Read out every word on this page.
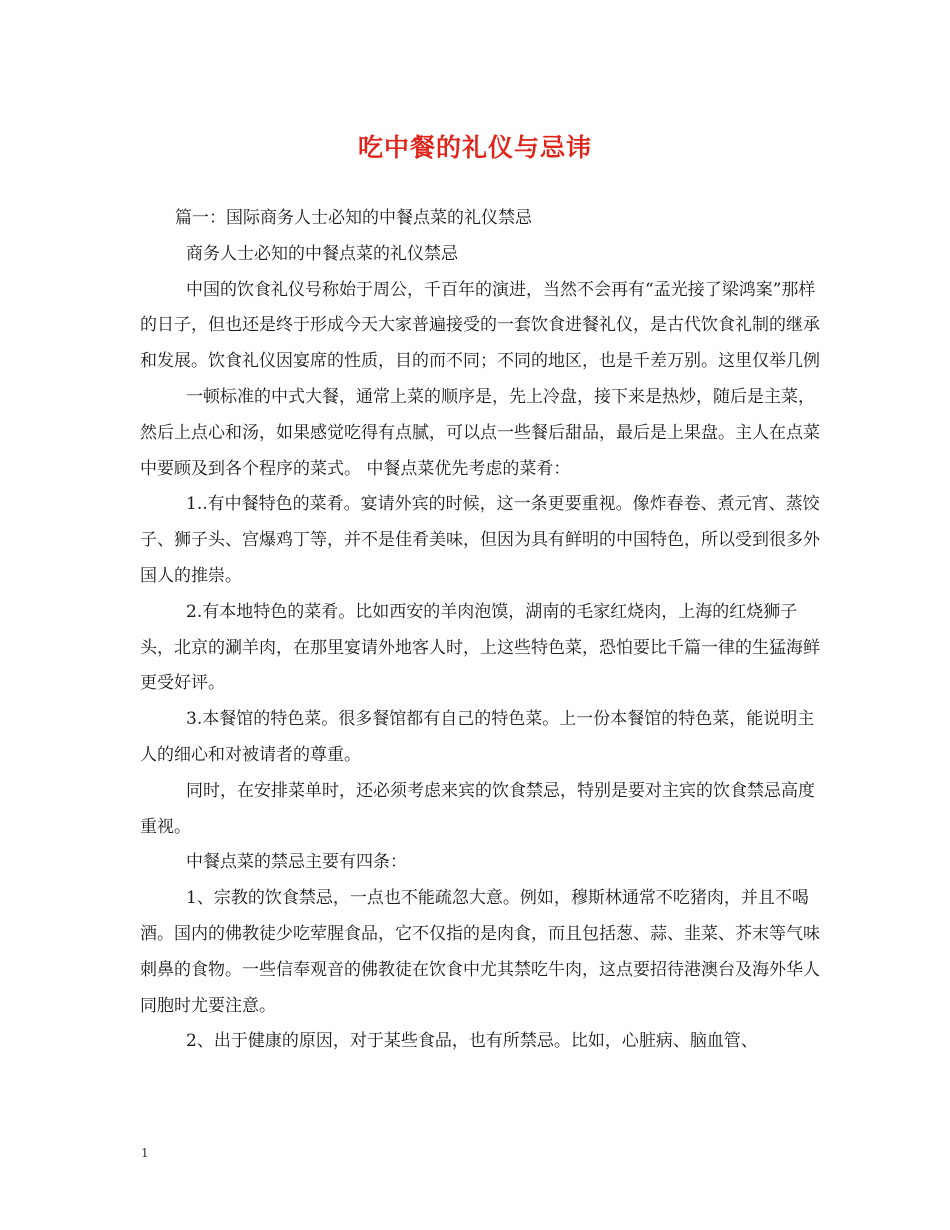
吃中餐的礼仪与忌讳

篇一：国际商务人士必知的中餐点菜的礼仪禁忌

商务人士必知的中餐点菜的礼仪禁忌

中国的饮食礼仪号称始于周公，千百年的演进，当然不会再有“孟光接了梁鸿案”那样的日子，但也还是终于形成今天大家普遍接受的一套饮食进餐礼仪，是古代饮食礼制的继承和发展。饮食礼仪因宴席的性质，目的而不同；不同的地区，也是千差万别。这里仅举几例

一顿标准的中式大餐，通常上菜的顺序是，先上冷盘，接下来是热炒，随后是主菜，然后上点心和汤，如果感觉吃得有点腻，可以点一些餐后甜品，最后是上果盘。主人在点菜中要顾及到各个程序的菜式。 中餐点菜优先考虑的菜肴：

1..有中餐特色的菜肴。宴请外宾的时候，这一条更要重视。像炸春卷、煮元宵、蒸饺子、狮子头、宫爆鸡丁等，并不是佳肴美味，但因为具有鲜明的中国特色，所以受到很多外国人的推崇。

2.有本地特色的菜肴。比如西安的羊肉泡馍，湖南的毛家红烧肉，上海的红烧狮子头，北京的涮羊肉，在那里宴请外地客人时，上这些特色菜，恐怕要比千篇一律的生猛海鲜更受好评。

3.本餐馆的特色菜。很多餐馆都有自己的特色菜。上一份本餐馆的特色菜，能说明主人的细心和对被请者的尊重。

同时，在安排菜单时，还必须考虑来宾的饮食禁忌，特别是要对主宾的饮食禁忌高度重视。

中餐点菜的禁忌主要有四条：

1、宗教的饮食禁忌，一点也不能疏忽大意。例如，穆斯林通常不吃猪肉，并且不喝酒。国内的佛教徒少吃荤腥食品，它不仅指的是肉食，而且包括葱、蒜、韭菜、芥末等气味刺鼻的食物。一些信奉观音的佛教徒在饮食中尤其禁吃牛肉，这点要招待港澳台及海外华人同胞时尤要注意。

2、出于健康的原因，对于某些食品，也有所禁忌。比如，心脏病、脑血管、

1
